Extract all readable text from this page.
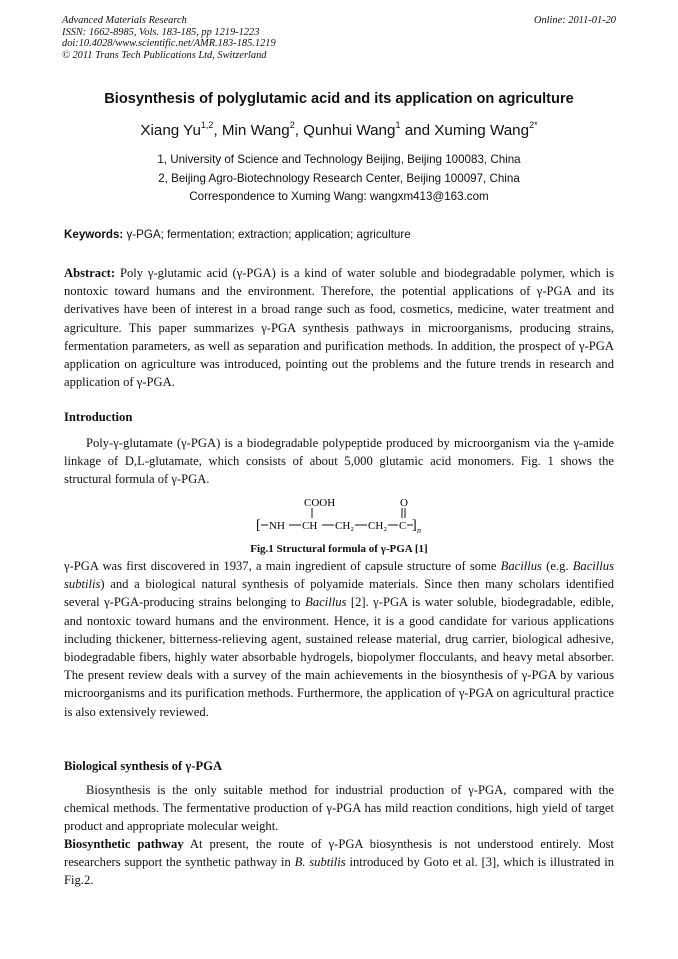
Advanced Materials Research
ISSN: 1662-8985, Vols. 183-185, pp 1219-1223
doi:10.4028/www.scientific.net/AMR.183-185.1219
© 2011 Trans Tech Publications Ltd, Switzerland
Online: 2011-01-20
Biosynthesis of polyglutamic acid and its application on agriculture
Xiang Yu$^{1,2}$, Min Wang$^2$, Qunhui Wang$^1$ and Xuming Wang$^{2*}$
1, University of Science and Technology Beijing, Beijing 100083, China
2, Beijing Agro-Biotechnology Research Center, Beijing 100097, China
Correspondence to Xuming Wang: wangxm413@163.com
Keywords: γ-PGA; fermentation; extraction; application; agriculture
Abstract: Poly γ-glutamic acid (γ-PGA) is a kind of water soluble and biodegradable polymer, which is nontoxic toward humans and the environment. Therefore, the potential applications of γ-PGA and its derivatives have been of interest in a broad range such as food, cosmetics, medicine, water treatment and agriculture. This paper summarizes γ-PGA synthesis pathways in microorganisms, producing strains, fermentation parameters, as well as separation and purification methods. In addition, the prospect of γ-PGA application on agriculture was introduced, pointing out the problems and the future trends in research and application of γ-PGA.
Introduction
Poly-γ-glutamate (γ-PGA) is a biodegradable polypeptide produced by microorganism via the γ-amide linkage of D,L-glutamate, which consists of about 5,000 glutamic acid monomers. Fig. 1 shows the structural formula of γ-PGA.
COOH	O
[ NH CH CH₂ CH₂ C ] n
Fig.1 Structural formula of γ-PGA [1]
γ-PGA was first discovered in 1937, a main ingredient of capsule structure of some Bacillus (e.g. Bacillus subtilis) and a biological natural synthesis of polyamide materials. Since then many scholars identified several γ-PGA-producing strains belonging to Bacillus [2]. γ-PGA is water soluble, biodegradable, edible, and nontoxic toward humans and the environment. Hence, it is a good candidate for various applications including thickener, bitterness-relieving agent, sustained release material, drug carrier, biological adhesive, biodegradable fibers, highly water absorbable hydrogels, biopolymer flocculants, and heavy metal absorber. The present review deals with a survey of the main achievements in the biosynthesis of γ-PGA by various microorganisms and its purification methods. Furthermore, the application of γ-PGA on agricultural practice is also extensively reviewed.
Biological synthesis of γ-PGA
Biosynthesis is the only suitable method for industrial production of γ-PGA, compared with the chemical methods. The fermentative production of γ-PGA has mild reaction conditions, high yield of target product and appropriate molecular weight.
Biosynthetic pathway At present, the route of γ-PGA biosynthesis is not understood entirely. Most researchers support the synthetic pathway in B. subtilis introduced by Goto et al. [3], which is illustrated in Fig.2.
